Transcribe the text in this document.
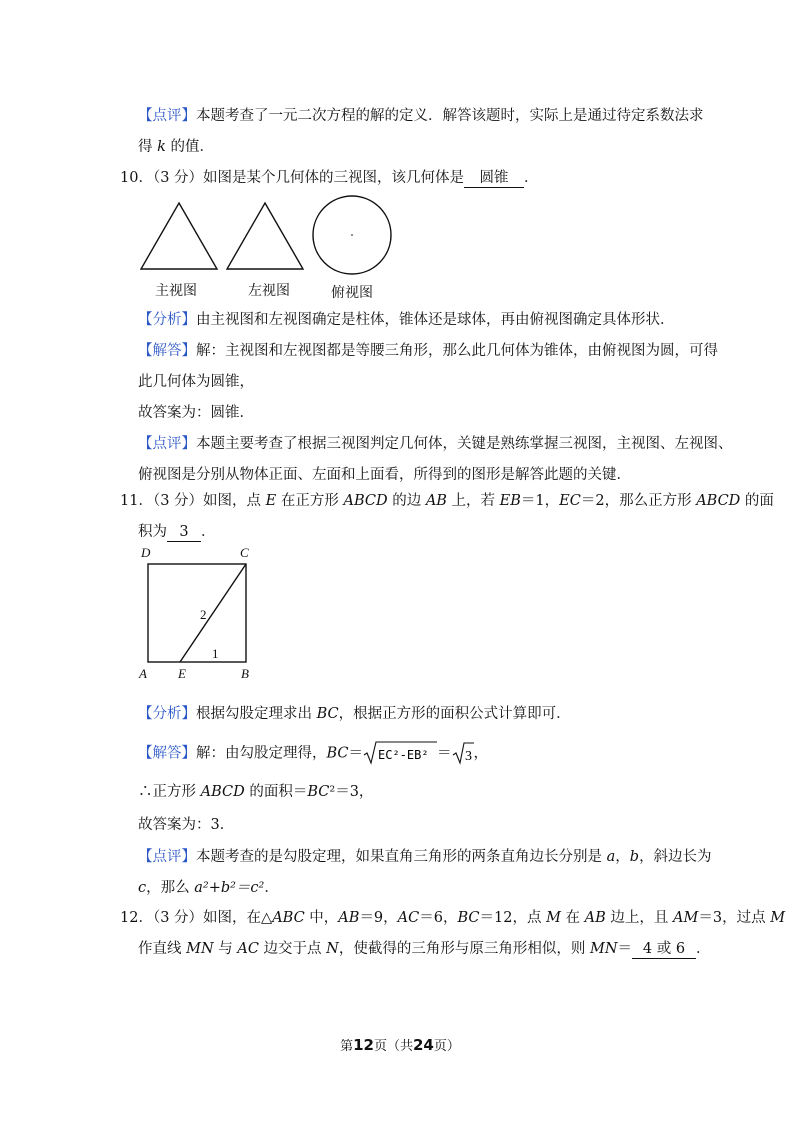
【点评】本题考查了一元二次方程的解的定义．解答该题时，实际上是通过待定系数法求
得 k 的值．
10．（3 分）如图是某个几何体的三视图，该几何体是 圆锥 ．
主视图	左视图	俯视图
【分析】由主视图和左视图确定是柱体，锥体还是球体，再由俯视图确定具体形状．
【解答】解：主视图和左视图都是等腰三角形，那么此几何体为锥体，由俯视图为圆，可得
此几何体为圆锥，
故答案为：圆锥．
【点评】本题主要考查了根据三视图判定几何体，关键是熟练掌握三视图，主视图、左视图、
俯视图是分别从物体正面、左面和上面看，所得到的图形是解答此题的关键．
11．（3 分）如图，点 E 在正方形 ABCD 的边 AB 上，若 EB＝1，EC＝2，那么正方形 ABCD 的面
积为 3 ．
D	C
A E	B
2
1
【分析】根据勾股定理求出 BC，根据正方形的面积公式计算即可．
【解答】解：由勾股定理得，BC＝ EC²-EB² ＝ 3 ，
∴正方形 ABCD 的面积＝BC²＝3，
故答案为：3．
【点评】本题考查的是勾股定理，如果直角三角形的两条直角边长分别是 a，b，斜边长为
c，那么 a²+b²＝c²．
12．（3 分）如图，在△ABC 中，AB＝9，AC＝6，BC＝12，点 M 在 AB 边上，且 AM＝3，过点 M
作直线 MN 与 AC 边交于点 N，使截得的三角形与原三角形相似，则 MN＝ 4 或 6 ．
第12页（共24页）
